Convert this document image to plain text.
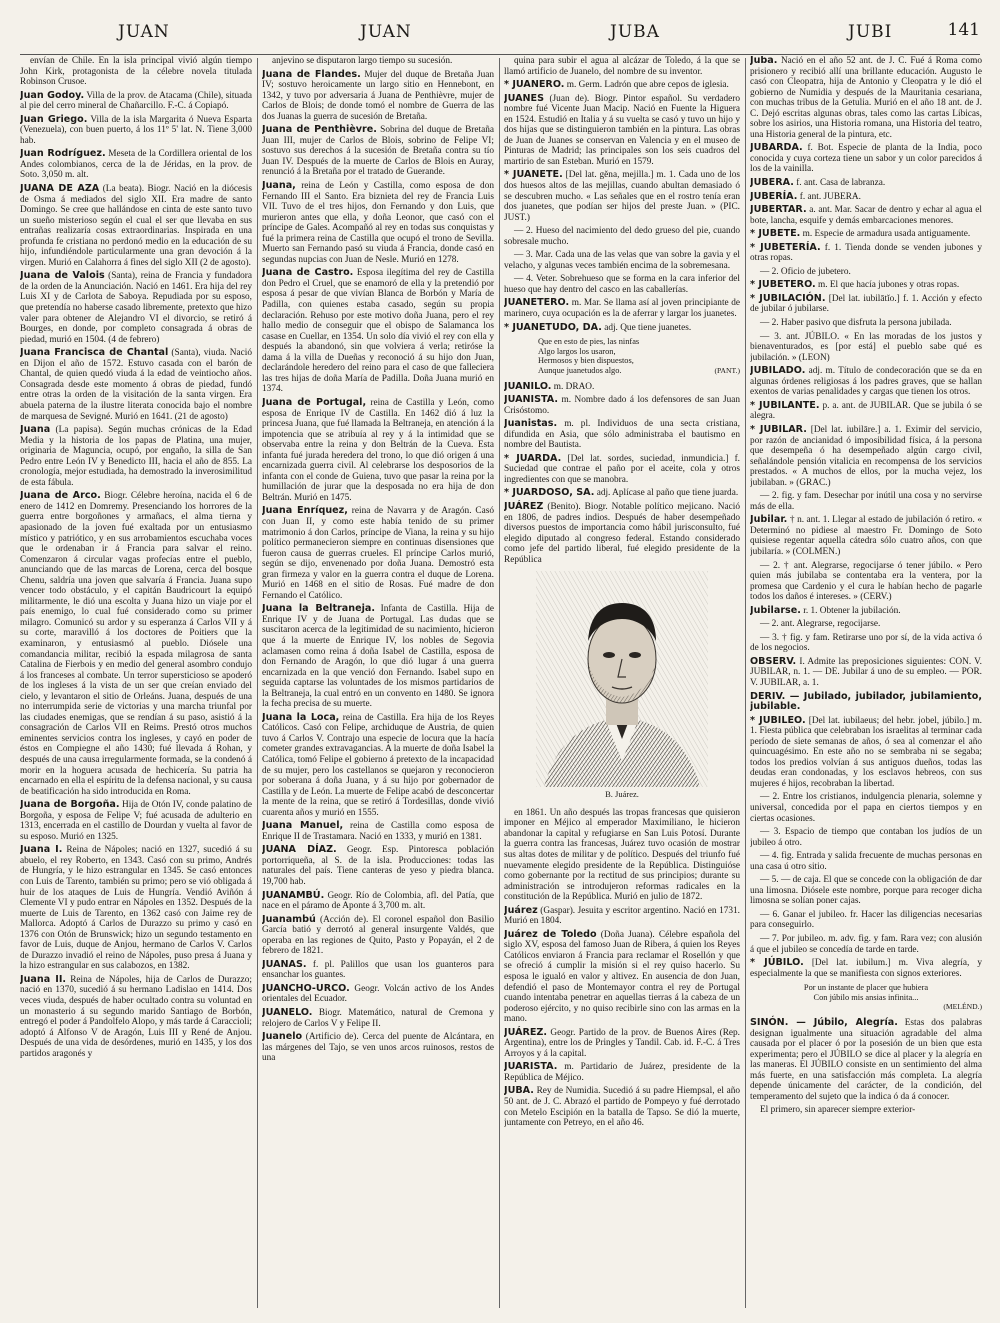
JUAN	JUAN	JUBA	JUBI	141

envían de Chile. En la isla principal vivió algún tiempo John Kirk, protagonista de la célebre novela titulada Robinson Crusoe.

Juan Godoy. Villa de la prov. de Atacama (Chile), situada al pie del cerro mineral de Chañarcillo. F.-C. á Copiapó.

Juan Griego. Villa de la isla Margarita ó Nueva Esparta (Venezuela), con buen puerto, á los 11º 5' lat. N. Tiene 3,000 hab.

Juan Rodríguez. Meseta de la Cordillera oriental de los Andes colombianos, cerca de la de Jéridas, en la prov. de Soto. 3,050 m. alt.

JUANA DE AZA (La beata). Biogr. Nació en la diócesis de Osma á mediados del siglo XII. Era madre de santo Domingo. Se cree que hallándose en cinta de este santo tuvo un sueño misterioso según el cual el ser que llevaba en sus entrañas realizaría cosas extraordinarias. Inspirada en una profunda fe cristiana no perdonó medio en la educación de su hijo, infundiéndole particularmente una gran devoción á la virgen. Murió en Calahorra á fines del siglo XII (2 de agosto).

Juana de Valois (Santa), reina de Francia y fundadora de la orden de la Anunciación. Nació en 1461. Era hija del rey Luis XI y de Carlota de Saboya. Repudiada por su esposo, que pretendía no haberse casado libremente, pretexto que hizo valer para obtener de Alejandro VI el divorcio, se retiró á Bourges, en donde, por completo consagrada á obras de piedad, murió en 1504. (4 de febrero)

Juana Francisca de Chantal (Santa), viuda. Nació en Dijon el año de 1572. Estuvo casada con el barón de Chantal, de quien quedó viuda á la edad de veintiocho años. Consagrada desde este momento á obras de piedad, fundó entre otras la orden de la visitación de la santa virgen. Era abuela paterna de la ilustre literata conocida bajo el nombre de marquesa de Sevigné. Murió en 1641. (21 de agosto)

Juana (La papisa). Según muchas crónicas de la Edad Media y la historia de los papas de Platina, una mujer, originaria de Maguncia, ocupó, por engaño, la silla de San Pedro entre León IV y Benedicto III, hacia el año de 855. La cronología, mejor estudiada, ha demostrado la inverosimilitud de esta fábula.

Juana de Arco. Biogr. Célebre heroína, nacida el 6 de enero de 1412 en Domremy. Presenciando los horrores de la guerra entre borgoñones y armañacs, el alma tierna y apasionado de la joven fué exaltada por un entusiasmo místico y patriótico, y en sus arrobamientos escuchaba voces que le ordenaban ir á Francia para salvar el reino. Comenzaron á circular vagas profecías entre el pueblo, anunciando que de las marcas de Lorena, cerca del bosque Chenu, saldría una joven que salvaría á Francia. Juana supo vencer todo obstáculo, y el capitán Baudricourt la equipó militarmente, le dió una escolta y Juana hizo un viaje por el país enemigo, lo cual fué considerado como su primer milagro. Comunicó su ardor y su esperanza á Carlos VII y á su corte, maravilló á los doctores de Poitiers que la examinaron, y entusiasmó al pueblo. Diósele una comandancia militar, recibió la espada milagrosa de santa Catalina de Fierbois y en medio del general asombro condujo á los franceses al combate. Un terror supersticioso se apoderó de los ingleses á la vista de un ser que creían enviado del cielo, y levantaron el sitio de Orleáns. Juana, después de una no interrumpida serie de victorias y una marcha triunfal por las ciudades enemigas, que se rendían á su paso, asistió á la consagración de Carlos VII en Reims. Prestó otros muchos eminentes servicios contra los ingleses, y cayó en poder de éstos en Compiegne el año 1430; fué llevada á Rohan, y después de una causa irregularmente formada, se la condenó á morir en la hoguera acusada de hechicería. Su patria ha encarnado en ella el espíritu de la defensa nacional, y su causa de beatificación ha sido introducida en Roma.

Juana de Borgoña. Hija de Otón IV, conde palatino de Borgoña, y esposa de Felipe V; fué acusada de adulterio en 1313, encerrada en el castillo de Dourdan y vuelta al favor de su esposo. Murió en 1325.

Juana I. Reina de Nápoles; nació en 1327, sucedió á su abuelo, el rey Roberto, en 1343. Casó con su primo, Andrés de Hungría, y le hizo estrangular en 1345. Se casó entonces con Luis de Tarento, también su primo; pero se vió obligada á huir de los ataques de Luis de Hungría. Vendió Aviñón á Clemente VI y pudo entrar en Nápoles en 1352. Después de la muerte de Luis de Tarento, en 1362 casó con Jaime rey de Mallorca. Adoptó á Carlos de Durazzo su primo y casó en 1376 con Otón de Brunswick; hizo un segundo testamento en favor de Luis, duque de Anjou, hermano de Carlos V. Carlos de Durazzo invadió el reino de Nápoles, puso presa á Juana y la hizo estrangular en sus calabozos, en 1382.

Juana II. Reina de Nápoles, hija de Carlos de Durazzo; nació en 1370, sucedió á su hermano Ladislao en 1414. Dos veces viuda, después de haber ocultado contra su voluntad en un monasterio á su segundo marido Santiago de Borbón, entregó el poder á Pandolfelo Alopo, y más tarde á Caraccioli; adoptó á Alfonso V de Aragón, Luis III y René de Anjou. Después de una vida de desórdenes, murió en 1435, y los dos partidos aragonés y

anjevino se disputaron largo tiempo su sucesión.

Juana de Flandes. Mujer del duque de Bretaña Juan IV; sostuvo heroicamente un largo sitio en Hennebont, en 1342, y tuvo por adversaria á Juana de Penthièvre, mujer de Carlos de Blois; de donde tomó el nombre de Guerra de las dos Juanas la guerra de sucesión de Bretaña.

Juana de Penthièvre. Sobrina del duque de Bretaña Juan III, mujer de Carlos de Blois, sobrino de Felipe VI; sostuvo sus derechos á la sucesión de Bretaña contra su tío Juan IV. Después de la muerte de Carlos de Blois en Auray, renunció á la Bretaña por el tratado de Guerande.

Juana, reina de León y Castilla, como esposa de don Fernando III el Santo. Era biznieta del rey de Francia Luis VII. Tuvo de el tres hijos, don Fernando y don Luis, que murieron antes que ella, y doña Leonor, que casó con el príncipe de Gales. Acompañó al rey en todas sus conquistas y fué la primera reina de Castilla que ocupó el trono de Sevilla. Muerto san Fernando pasó su viuda á Francia, donde casó en segundas nupcias con Juan de Nesle. Murió en 1278.

Juana de Castro. Esposa ilegítima del rey de Castilla don Pedro el Cruel, que se enamoró de ella y la pretendió por esposa á pesar de que vivían Blanca de Borbón y María de Padilla, con quienes estaba casado, según su propia declaración. Rehuso por este motivo doña Juana, pero el rey hallo medio de conseguir que el obispo de Salamanca los casase en Cuellar, en 1354. Un solo día vivió el rey con ella y después la abandonó, sin que volviera á verla; retiróse la dama á la villa de Dueñas y reconoció á su hijo don Juan, declarándole heredero del reino para el caso de que falleciera las tres hijas de doña María de Padilla. Doña Juana murió en 1374.

Juana de Portugal, reina de Castilla y León, como esposa de Enrique IV de Castilla. En 1462 dió á luz la princesa Juana, que fué llamada la Beltraneja, en atención á la impotencia que se atribuía al rey y á la intimidad que se observaba entre la reina y don Beltrán de la Cueva. Esta infanta fué jurada heredera del trono, lo que dió origen á una encarnizada guerra civil. Al celebrarse los desposorios de la infanta con el conde de Guiena, tuvo que pasar la reina por la humillación de jurar que la desposada no era hija de don Beltrán. Murió en 1475.

Juana Enríquez, reina de Navarra y de Aragón. Casó con Juan II, y como este había tenido de su primer matrimonio á don Carlos, príncipe de Viana, la reina y su hijo político permanecieron siempre en continuas disensiones que fueron causa de guerras crueles. El príncipe Carlos murió, según se dijo, envenenado por doña Juana. Demostró esta gran firmeza y valor en la guerra contra el duque de Lorena. Murió en 1468 en el sitio de Rosas. Fué madre de don Fernando el Católico.

Juana la Beltraneja. Infanta de Castilla. Hija de Enrique IV y de Juana de Portugal. Las dudas que se suscitaron acerca de la legitimidad de su nacimiento, hicieron que á la muerte de Enrique IV, los nobles de Segovia aclamasen como reina á doña Isabel de Castilla, esposa de don Fernando de Aragón, lo que dió lugar á una guerra encarnizada en la que venció don Fernando. Isabel supo en seguida captarse las voluntades de los mismos partidarios de la Beltraneja, la cual entró en un convento en 1480. Se ignora la fecha precisa de su muerte.

Juana la Loca, reina de Castilla. Era hija de los Reyes Católicos. Casó con Felipe, archiduque de Austria, de quien tuvo á Carlos V. Contrajo una especie de locura que la hacía cometer grandes extravagancias. A la muerte de doña Isabel la Católica, tomó Felipe el gobierno á pretexto de la incapacidad de su mujer, pero los castellanos se quejaron y reconocieron por soberana á doña Juana, y á su hijo por gobernador de Castilla y de León. La muerte de Felipe acabó de desconcertar la mente de la reina, que se retiró á Tordesillas, donde vivió cuarenta años y murió en 1555.

Juana Manuel, reina de Castilla como esposa de Enrique II de Trastamara. Nació en 1333, y murió en 1381.

JUANA DÍAZ. Geogr. Esp. Pintoresca población portorriqueña, al S. de la isla. Producciones: todas las naturales del país. Tiene canteras de yeso y piedra blanca. 19,700 hab.

JUANAMBÚ. Geogr. Río de Colombia, afl. del Patía, que nace en el páramo de Aponte á 3,700 m. alt.

Juanambú (Acción de). El coronel español don Basilio García batió y derrotó al general insurgente Valdés, que operaba en las regiones de Quito, Pasto y Popayán, el 2 de febrero de 1821.

JUANAS. f. pl. Palillos que usan los guanteros para ensanchar los guantes.

JUANCHO-URCO. Geogr. Volcán activo de los Andes orientales del Ecuador.

JUANELO. Biogr. Matemático, natural de Cremona y relojero de Carlos V y Felipe II.

Juanelo (Artificio de). Cerca del puente de Alcántara, en las márgenes del Tajo, se ven unos arcos ruinosos, restos de una

quina para subir el agua al alcázar de Toledo, á la que se llamó artificio de Juanelo, del nombre de su inventor.

* JUANERO. m. Germ. Ladrón que abre cepos de iglesia.

JUANES (Juan de). Biogr. Pintor español. Su verdadero nombre fué Vicente Juan Macip. Nació en Fuente la Higuera en 1524. Estudió en Italia y á su vuelta se casó y tuvo un hijo y dos hijas que se distinguieron también en la pintura. Las obras de Juan de Juanes se conservan en Valencia y en el museo de Pinturas de Madrid; las principales son los seis cuadros del martirio de san Esteban. Murió en 1579.

* JUANETE. [Del lat. gĕna, mejilla.] m. 1. Cada uno de los dos huesos altos de las mejillas, cuando abultan demasiado ó se descubren mucho. « Las señales que en el rostro tenía eran dos juanetes, que podían ser hijos del preste Juan. » (PIC. JUST.)

— 2. Hueso del nacimiento del dedo grueso del pie, cuando sobresale mucho.

— 3. Mar. Cada una de las velas que van sobre la gavia y el velacho, y algunas veces también encima de la sobremesana.

— 4. Veter. Sobrehueso que se forma en la cara inferior del hueso que hay dentro del casco en las caballerías.

JUANETERO. m. Mar. Se llama así al joven principiante de marinero, cuya ocupación es la de aferrar y largar los juanetes.

* JUANETUDO, DA. adj. Que tiene juanetes.

Que en esto de pies, las ninfas
Algo largos los usaron,
Hermosos y bien dispuestos,
Aunque juanetudos algo.	(PANT.)

JUANILO. m. DRAO.

JUANISTA. m. Nombre dado á los defensores de san Juan Crisóstomo.

Juanistas. m. pl. Individuos de una secta cristiana, difundida en Asia, que sólo administraba el bautismo en nombre del Bautista.

* JUARDA. [Del lat. sordes, suciedad, inmundicia.] f. Suciedad que contrae el paño por el aceite, cola y otros ingredientes con que se manobra.

* JUARDOSO, SA. adj. Aplícase al paño que tiene juarda.

JUÁREZ (Benito). Biogr. Notable político mejicano. Nació en 1806, de padres indios. Después de haber desempeñado diversos puestos de importancia como hábil jurisconsulto, fué elegido diputado al congreso federal. Estando considerado como jefe del partido liberal, fué elegido presidente de la República

B. Juárez.

en 1861. Un año después las tropas francesas que quisieron imponer en Méjico al emperador Maximiliano, le hicieron abandonar la capital y refugiarse en San Luis Potosí. Durante la guerra contra las francesas, Juárez tuvo ocasión de mostrar sus altas dotes de militar y de político. Después del triunfo fué nuevamente elegido presidente de la República. Distinguióse como gobernante por la rectitud de sus principios; durante su administración se introdujeron reformas radicales en la constitución de la República. Murió en julio de 1872.

Juárez (Gaspar). Jesuita y escritor argentino. Nació en 1731. Murió en 1804.

Juárez de Toledo (Doña Juana). Célebre española del siglo XV, esposa del famoso Juan de Ribera, á quien los Reyes Católicos enviaron á Francia para reclamar el Rosellón y que se ofreció á cumplir la misión si el rey quiso hacerlo. Su esposa le igualó en valor y altivez. En ausencia de don Juan, defendió el paso de Montemayor contra el rey de Portugal cuando intentaba penetrar en aquellas tierras á la cabeza de un poderoso ejército, y no quiso recibirle sino con las armas en la mano.

JUÁREZ. Geogr. Partido de la prov. de Buenos Aires (Rep. Argentina), entre los de Pringles y Tandil. Cab. id. F.-C. á Tres Arroyos y á la capital.

JUARISTA. m. Partidario de Juárez, presidente de la República de Méjico.

JUBA. Rey de Numidia. Sucedió á su padre Hiempsal, el año 50 ant. de J. C. Abrazó el partido de Pompeyo y fué derrotado con Metelo Escipión en la batalla de Tapso. Se dió la muerte, juntamente con Petreyo, en el año 46.

Juba. Nació en el año 52 ant. de J. C. Fué á Roma como prisionero y recibió allí una brillante educación. Augusto le casó con Cleopatra, hija de Antonio y Cleopatra y le dió el gobierno de Numidia y después de la Mauritania cesariana, con muchas tribus de la Getulia. Murió en el año 18 ant. de J. C. Dejó escritas algunas obras, tales como las cartas Líbicas, sobre los asirios, una Historia romana, una Historia del teatro, una Historia general de la pintura, etc.

JUBARDA. f. Bot. Especie de planta de la India, poco conocida y cuya corteza tiene un sabor y un color parecidos á los de la vainilla.

JUBERA. f. ant. Casa de labranza.

JUBERÍA. f. ant. JUBERA.

JUBERTAR. a. ant. Mar. Sacar de dentro y echar al agua el bote, lancha, esquife y demás embarcaciones menores.

* JUBETE. m. Especie de armadura usada antiguamente.

* JUBETERÍA. f. 1. Tienda donde se venden jubones y otras ropas.

— 2. Oficio de jubetero.

* JUBETERO. m. El que hacía jubones y otras ropas.

* JUBILACIÓN. [Del lat. iubilātĭo.] f. 1. Acción y efecto de jubilar ó jubilarse.

— 2. Haber pasivo que disfruta la persona jubilada.

— 3. ant. JÚBILO. « En las moradas de los justos y bienaventurados, es [por está] el pueblo sabe qué es jubilación. » (LEON)

JUBILADO. adj. m. Título de condecoración que se da en algunas órdenes religiosas á los padres graves, que se hallan exentos de varias penalidades y cargas que tienen los otros.

* JUBILANTE. p. a. ant. de JUBILAR. Que se jubila ó se alegra.

* JUBILAR. [Del lat. iubilāre.] a. 1. Eximir del servicio, por razón de ancianidad ó imposibilidad física, á la persona que desempeña ó ha desempeñado algún cargo civil, señalándole pensión vitalicia en recompensa de los servicios prestados. « A muchos de ellos, por la mucha vejez, los jubilaban. » (GRAC.)

— 2. fig. y fam. Desechar por inútil una cosa y no servirse más de ella.

Jubilar. † n. ant. 1. Llegar al estado de jubilación ó retiro. « Determinó no pidiese al maestro Fr. Domingo de Soto quisiese regentar aquella cátedra sólo cuatro años, con que jubilaría. » (COLMEN.)

— 2. † ant. Alegrarse, regocijarse ó tener júbilo. « Pero quien más jubilaba se contentaba era la ventera, por la promesa que Cardenio y el cura le habían hecho de pagarle todos los daños é intereses. » (CERV.)

Jubilarse. r. 1. Obtener la jubilación.

— 2. ant. Alegrarse, regocijarse.

— 3. † fig. y fam. Retirarse uno por sí, de la vida activa ó de los negocios.

OBSERV. I. Admite las preposiciones siguientes: CON. V. JUBILAR, n. 1. — DE. Jubilar á uno de su empleo. — POR. V. JUBILAR, a. 1.

DERIV. — Jubilado, jubilador, jubilamiento, jubilable.

* JUBILEO. [Del lat. iubilaeus; del hebr. jobel, júbilo.] m. 1. Fiesta pública que celebraban los israelitas al terminar cada período de siete semanas de años, ó sea al comenzar el año quincuagésimo. En este año no se sembraba ni se segaba; todos los predios volvían á sus antiguos dueños, todas las deudas eran condonadas, y los esclavos hebreos, con sus mujeres é hijos, recobraban la libertad.

— 2. Entre los cristianos, indulgencia plenaria, solemne y universal, concedida por el papa en ciertos tiempos y en ciertas ocasiones.

— 3. Espacio de tiempo que contaban los judíos de un jubileo á otro.

— 4. fig. Entrada y salida frecuente de muchas personas en una casa ú otro sitio.

— 5. — de caja. El que se concede con la obligación de dar una limosna. Diósele este nombre, porque para recoger dicha limosna se solían poner cajas.

— 6. Ganar el jubileo. fr. Hacer las diligencias necesarias para conseguirlo.

— 7. Por jubileo. m. adv. fig. y fam. Rara vez; con alusión á que el jubileo se concedía de tarde en tarde.

* JÚBILO. [Del lat. iubilum.] m. Viva alegría, y especialmente la que se manifiesta con signos exteriores.

Por un instante de placer que hubiera
Con júbilo mis ansias infinita...
(MELÉND.)

SINÓN. — Júbilo, Alegría. Estas dos palabras designan igualmente una situación agradable del alma causada por el placer ó por la posesión de un bien que esta experimenta; pero el JÚBILO se dice al placer y la alegría en las maneras. El JÚBILO consiste en un sentimiento del alma más fuerte, en una satisfacción más completa. La alegría depende únicamente del carácter, de la condición, del temperamento del sujeto que la indica ó da á conocer.

El primero, sin aparecer siempre exterior-
